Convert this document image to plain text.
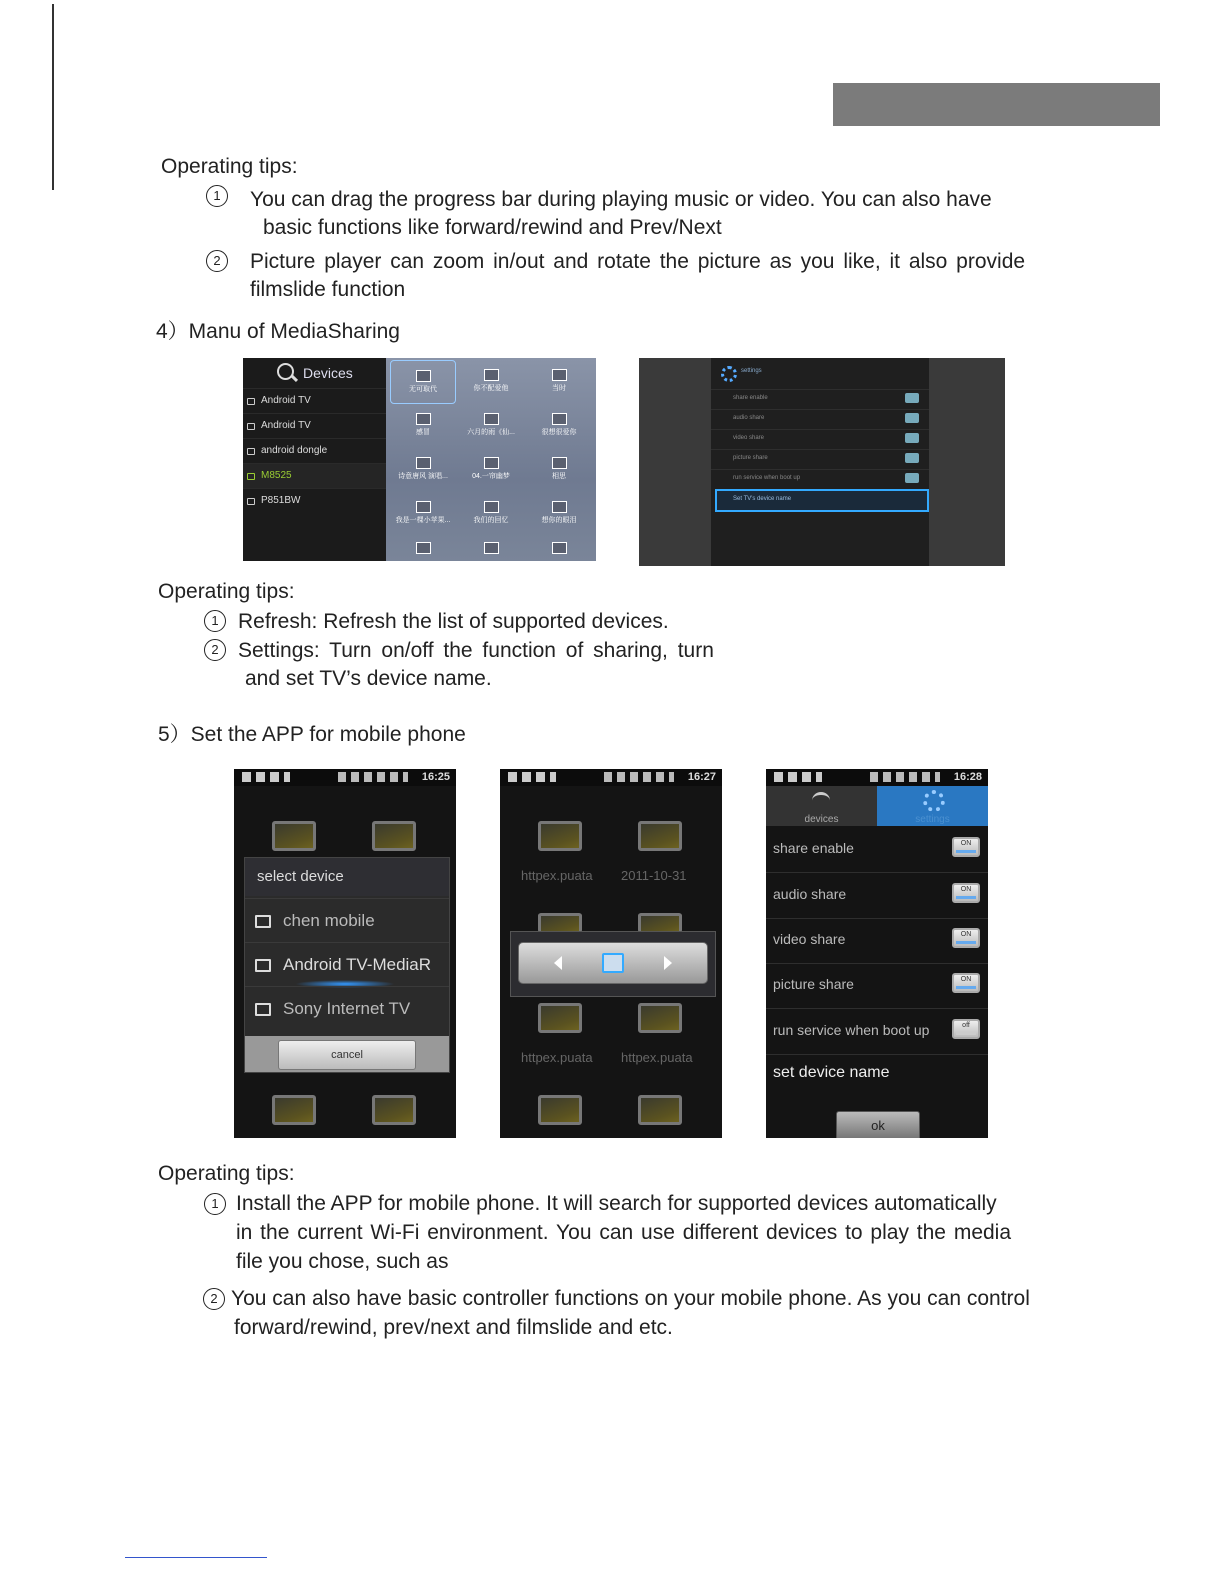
Operating tips:
1	You can drag the progress bar during playing music or video. You can also have
basic functions like forward/rewind and Prev/Next
2	Picture player can zoom in/out and rotate the picture as you like, it also provide
filmslide function
4）Manu of MediaSharing
Devices
Android TV
Android TV
android dongle
M8525
P851BW
无可取代	你不配爱他	当时
感冒	六月的雨《仙...	很想很爱你
诗意唐风 演唱...	04.一帘幽梦	相思
我是一棵小苹果...	我们的回忆	想你的眼泪
settings
share enable
audio share
video share
picture share
run service when boot up
Set TV's device name
Operating tips:
1 Refresh: Refresh the list of supported devices.
2 Settings: Turn on/off the function of sharing, turn
and set TV’s device name.
5）Set the APP for mobile phone
16:25
select device
chen mobile
Android TV-MediaR
Sony Internet TV
cancel
16:27
httpex.puata 2011-10-31
httpex.puata httpex.puata
16:28
devices	settings
share enable	ON
audio share	ON
video share	ON
picture share	ON
run service when boot up	off
set device name
ok
Operating tips:
1 Install the APP for mobile phone. It will search for supported devices automatically
in the current Wi-Fi environment. You can use different devices to play the media
file you chose, such as
2 You can also have basic controller functions on your mobile phone. As you can control
forward/rewind, prev/next and filmslide and etc.
